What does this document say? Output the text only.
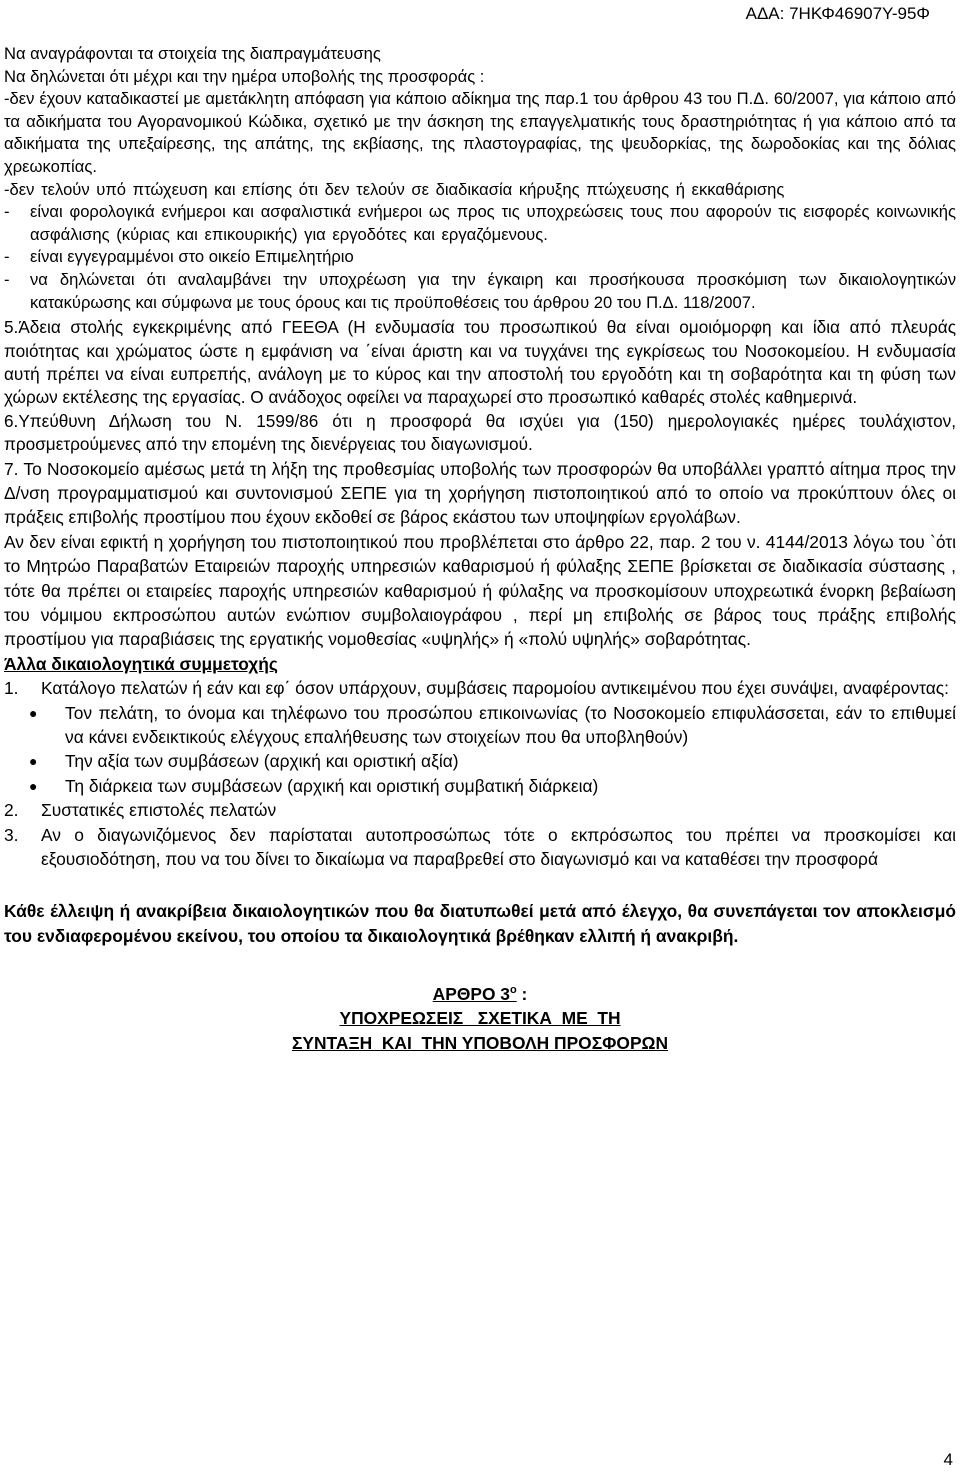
ΑΔΑ: 7ΗΚΦ46907Υ-95Φ

Να αναγράφονται τα στοιχεία της διαπραγμάτευσης

Να δηλώνεται ότι μέχρι και την ημέρα υποβολής της προσφοράς :

-δεν έχουν καταδικαστεί με αμετάκλητη απόφαση για κάποιο αδίκημα της παρ.1 του άρθρου 43 του Π.Δ. 60/2007, για κάποιο από τα αδικήματα του Αγορανομικού Κώδικα, σχετικό με την άσκηση της επαγγελματικής τους δραστηριότητας ή για κάποιο από τα αδικήματα της υπεξαίρεσης, της απάτης, της εκβίασης, της πλαστογραφίας, της ψευδορκίας, της δωροδοκίας και της δόλιας χρεωκοπίας.

-δεν τελούν υπό πτώχευση και επίσης ότι δεν τελούν σε διαδικασία κήρυξης πτώχευσης ή εκκαθάρισης

-	είναι φορολογικά ενήμεροι και ασφαλιστικά ενήμεροι ως προς τις υποχρεώσεις τους που αφορούν τις εισφορές κοινωνικής ασφάλισης (κύριας και επικουρικής) για εργοδότες και εργαζόμενους.
-	είναι εγγεγραμμένοι στο οικείο Επιμελητήριο
-	να δηλώνεται ότι αναλαμβάνει την υποχρέωση για την έγκαιρη και προσήκουσα προσκόμιση των δικαιολογητικών κατακύρωσης και σύμφωνα με τους όρους και τις προϋποθέσεις του άρθρου 20 του Π.Δ. 118/2007.

5.Άδεια στολής εγκεκριμένης από ΓΕΕΘΑ (Η ενδυμασία του προσωπικού θα είναι ομοιόμορφη και ίδια από πλευράς ποιότητας και χρώματος ώστε η εμφάνιση να ΄είναι άριστη και να τυγχάνει της εγκρίσεως του Νοσοκομείου. Η ενδυμασία αυτή πρέπει να είναι ευπρεπής, ανάλογη με το κύρος και την αποστολή του εργοδότη και τη σοβαρότητα και τη φύση των χώρων εκτέλεσης της εργασίας. Ο ανάδοχος οφείλει να παραχωρεί στο προσωπικό καθαρές στολές καθημερινά.

6.Υπεύθυνη Δήλωση του Ν. 1599/86 ότι η προσφορά θα ισχύει για (150) ημερολογιακές ημέρες τουλάχιστον, προσμετρούμενες από την επομένη της διενέργειας του διαγωνισμού.

7. Το Νοσοκομείο αμέσως μετά τη λήξη της προθεσμίας υποβολής των προσφορών θα υποβάλλει γραπτό αίτημα προς την Δ/νση προγραμματισμού και συντονισμού ΣΕΠΕ για τη χορήγηση πιστοποιητικού από το οποίο να προκύπτουν όλες οι πράξεις επιβολής προστίμου που έχουν εκδοθεί σε βάρος εκάστου των υποψηφίων εργολάβων.

Αν δεν είναι εφικτή η χορήγηση του πιστοποιητικού που προβλέπεται στο άρθρο 22, παρ. 2 του ν. 4144/2013 λόγω του `ότι το Μητρώο Παραβατών Εταιρειών παροχής υπηρεσιών καθαρισμού ή φύλαξης ΣΕΠΕ βρίσκεται σε διαδικασία σύστασης , τότε θα πρέπει οι εταιρείες παροχής υπηρεσιών καθαρισμού ή φύλαξης να προσκομίσουν υποχρεωτικά ένορκη βεβαίωση του νόμιμου εκπροσώπου αυτών ενώπιον συμβολαιογράφου , περί μη επιβολής σε βάρος τους πράξης επιβολής προστίμου για παραβιάσεις της εργατικής νομοθεσίας «υψηλής» ή «πολύ υψηλής» σοβαρότητας.

Άλλα δικαιολογητικά συμμετοχής

1.	Κατάλογο πελατών ή εάν και εφ΄ όσον υπάρχουν, συμβάσεις παρομοίου αντικειμένου που έχει συνάψει, αναφέροντας:
●	Τον πελάτη, το όνομα και τηλέφωνο του προσώπου επικοινωνίας (το Νοσοκομείο επιφυλάσσεται, εάν το επιθυμεί να κάνει ενδεικτικούς ελέγχους επαλήθευσης των στοιχείων που θα υποβληθούν)
●	Την αξία των συμβάσεων (αρχική και οριστική αξία)
●	Τη διάρκεια των συμβάσεων (αρχική και οριστική συμβατική διάρκεια)
2.	Συστατικές επιστολές πελατών
3.	Αν ο διαγωνιζόμενος δεν παρίσταται αυτοπροσώπως τότε ο εκπρόσωπος του πρέπει να προσκομίσει και εξουσιοδότηση, που να του δίνει το δικαίωμα να παραβρεθεί στο διαγωνισμό και να καταθέσει την προσφορά

Κάθε έλλειψη ή ανακρίβεια δικαιολογητικών που θα διατυπωθεί μετά από έλεγχο, θα συνεπάγεται τον αποκλεισμό του ενδιαφερομένου εκείνου, του οποίου τα δικαιολογητικά βρέθηκαν ελλιπή ή ανακριβή.

ΑΡΘΡΟ $3^o$ :
ΥΠΟΧΡΕΩΣΕΙΣ   ΣΧΕΤΙΚΑ  ΜΕ  ΤΗ
ΣΥΝΤΑΞΗ  ΚΑΙ  ΤΗΝ ΥΠΟΒΟΛΗ ΠΡΟΣΦΟΡΩΝ
4
